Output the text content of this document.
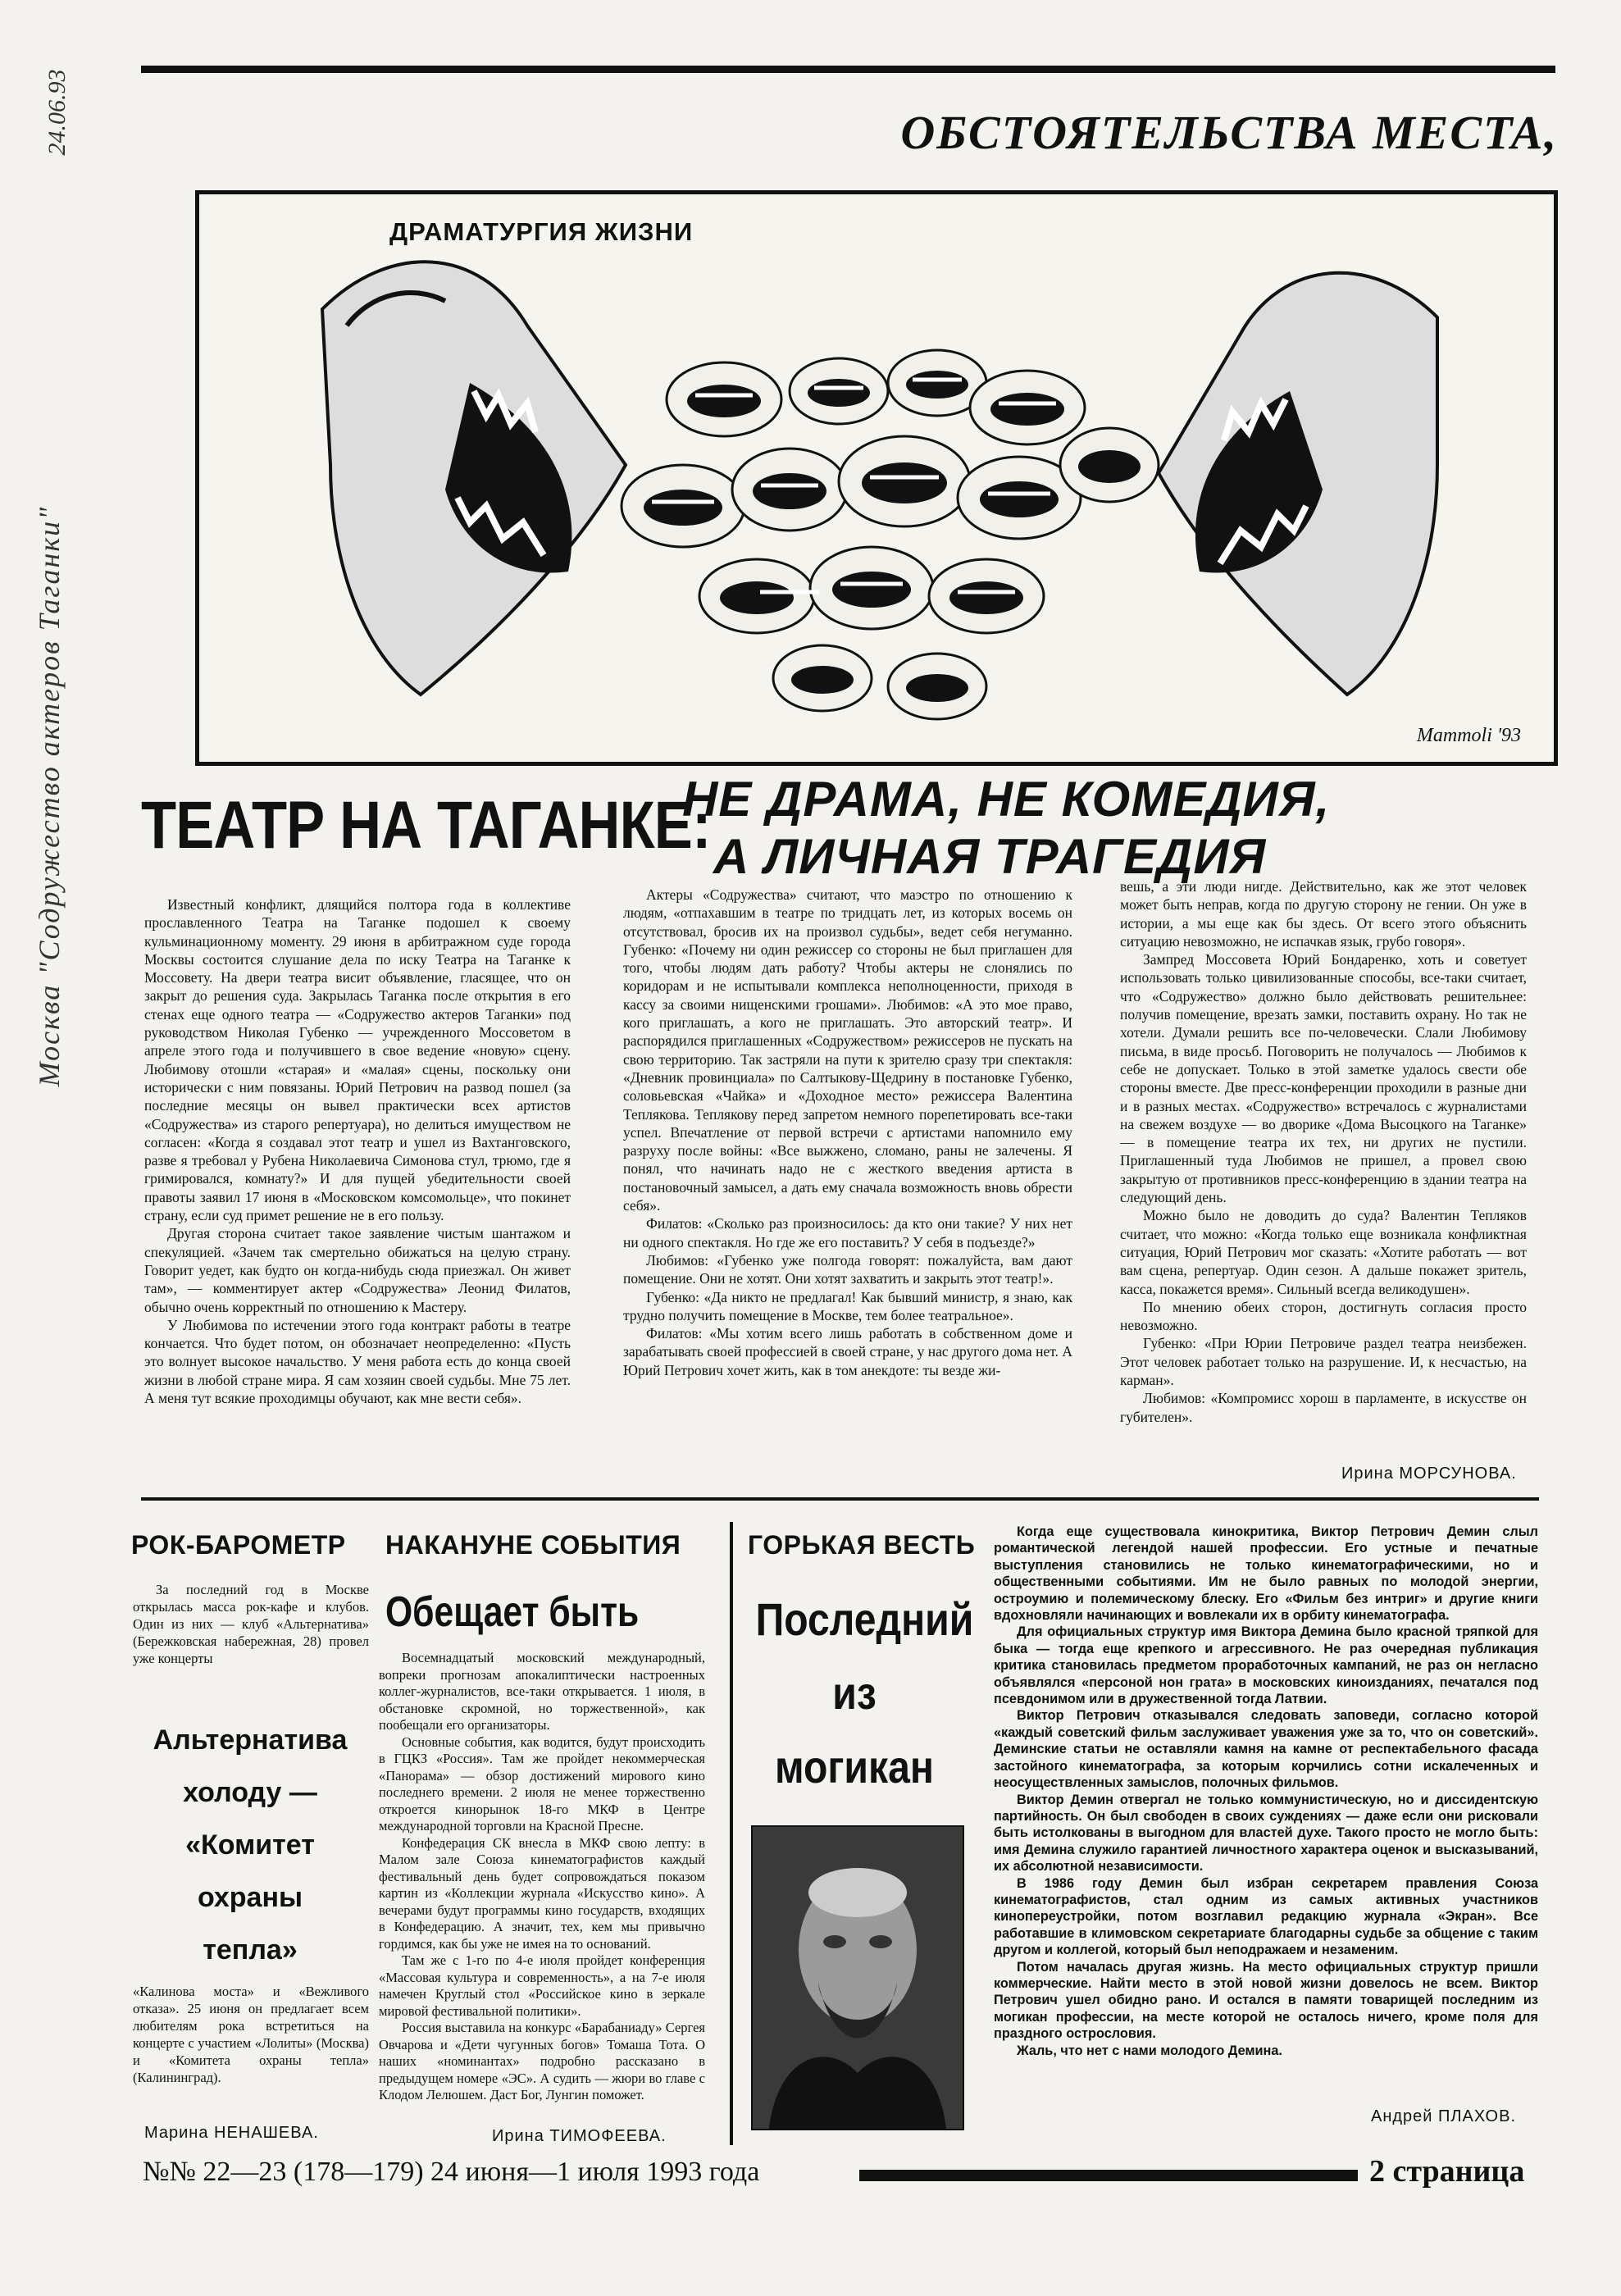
24.06.93
Москва "Содружество актеров Таганки"
ОБСТОЯТЕЛЬСТВА МЕСТА,
ДРАМАТУРГИЯ ЖИЗНИ
Mammoli '93
ТЕАТР НА ТАГАНКЕ:
НЕ ДРАМА, НЕ КОМЕДИЯ,
А ЛИЧНАЯ ТРАГЕДИЯ

Известный конфликт, длящийся полтора года в коллективе прославленного Театра на Таганке подошел к своему кульминационному моменту. 29 июня в арбитражном суде города Москвы состоится слушание дела по иску Театра на Таганке к Моссовету. На двери театра висит объявление, гласящее, что он закрыт до решения суда. Закрылась Таганка после открытия в его стенах еще одного театра — «Содружество актеров Таганки» под руководством Николая Губенко — учрежденного Моссоветом в апреле этого года и получившего в свое ведение «новую» сцену. Любимову отошли «старая» и «малая» сцены, поскольку они исторически с ним повязаны. Юрий Петрович на развод пошел (за последние месяцы он вывел практически всех артистов «Содружества» из старого репертуара), но делиться имуществом не согласен: «Когда я создавал этот театр и ушел из Вахтанговского, разве я требовал у Рубена Николаевича Симонова стул, трюмо, где я гримировался, комнату?» И для пущей убедительности своей правоты заявил 17 июня в «Московском комсомольце», что покинет страну, если суд примет решение не в его пользу.

Другая сторона считает такое заявление чистым шантажом и спекуляцией. «Зачем так смертельно обижаться на целую страну. Говорит уедет, как будто он когда-нибудь сюда приезжал. Он живет там», — комментирует актер «Содружества» Леонид Филатов, обычно очень корректный по отношению к Мастеру.

У Любимова по истечении этого года контракт работы в театре кончается. Что будет потом, он обозначает неопределенно: «Пусть это волнует высокое начальство. У меня работа есть до конца своей жизни в любой стране мира. Я сам хозяин своей судьбы. Мне 75 лет. А меня тут всякие проходимцы обучают, как мне вести себя».

Актеры «Содружества» считают, что маэстро по отношению к людям, «отпахавшим в театре по тридцать лет, из которых восемь он отсутствовал, бросив их на произвол судьбы», ведет себя негуманно. Губенко: «Почему ни один режиссер со стороны не был приглашен для того, чтобы людям дать работу? Чтобы актеры не слонялись по коридорам и не испытывали комплекса неполноценности, приходя в кассу за своими нищенскими грошами». Любимов: «А это мое право, кого приглашать, а кого не приглашать. Это авторский театр». И распорядился приглашенных «Содружеством» режиссеров не пускать на свою территорию. Так застряли на пути к зрителю сразу три спектакля: «Дневник провинциала» по Салтыкову-Щедрину в постановке Губенко, соловьевская «Чайка» и «Доходное место» режиссера Валентина Тепляковa. Теплякову перед запретом немного порепетировать все-таки успел. Впечатление от первой встречи с артистами напомнило ему разруху после войны: «Все выжжено, сломано, раны не залечены. Я понял, что начинать надо не с жесткого введения артиста в постановочный замысел, а дать ему сначала возможность вновь обрести себя».

Филатов: «Сколько раз произносилось: да кто они такие? У них нет ни одного спектакля. Но где же его поставить? У себя в подъезде?»

Любимов: «Губенко уже полгода говорят: пожалуйста, вам дают помещение. Они не хотят. Они хотят захватить и закрыть этот театр!».

Губенко: «Да никто не предлагал! Как бывший министр, я знаю, как трудно получить помещение в Москве, тем более театральное».

Филатов: «Мы хотим всего лишь работать в собственном доме и зарабатывать своей профессией в своей стране, у нас другого дома нет. А Юрий Петрович хочет жить, как в том анекдоте: ты везде жи-

вешь, а эти люди нигде. Действительно, как же этот человек может быть неправ, когда по другую сторону не гении. Он уже в истории, а мы еще как бы здесь. От всего этого объяснить ситуацию невозможно, не испачкав язык, грубо говоря».

Зампред Моссовета Юрий Бондаренко, хоть и советует использовать только цивилизованные способы, все-таки считает, что «Содружество» должно было действовать решительнее: получив помещение, врезать замки, поставить охрану. Но так не хотели. Думали решить все по-человечески. Слали Любимову письма, в виде просьб. Поговорить не получалось — Любимов к себе не допускает. Только в этой заметке удалось свести обе стороны вместе. Две пресс-конференции проходили в разные дни и в разных местах. «Содружество» встречалось с журналистами на свежем воздухе — во дворике «Дома Высоцкого на Таганке» — в помещение театра их тех, ни других не пустили. Приглашенный туда Любимов не пришел, а провел свою закрытую от противников пресс-конференцию в здании театра на следующий день.

Можно было не доводить до суда? Валентин Тепляков считает, что можно: «Когда только еще возникала конфликтная ситуация, Юрий Петрович мог сказать: «Хотите работать — вот вам сцена, репертуар. Один сезон. А дальше покажет зритель, касса, покажется время». Сильный всегда великодушен».

По мнению обеих сторон, достигнуть согласия просто невозможно.

Губенко: «При Юрии Петровиче раздел театра неизбежен. Этот человек работает только на разрушение. И, к несчастью, на карман».

Любимов: «Компромисс хорош в парламенте, в искусстве он губителен».

Ирина МОРСУНОВА.
РОК-БАРОМЕТР

За последний год в Москве открылась масса рок-кафе и клубов. Один из них — клуб «Альтернатива» (Бережковская набережная, 28) провел уже концерты

Альтернатива
холоду —
«Комитет
охраны
тепла»

«Калинова моста» и «Вежливого отказа». 25 июня он предлагает всем любителям рока встретиться на концерте с участием «Лолиты» (Москва) и «Комитета охраны тепла» (Калининград).

Марина НЕНАШЕВА.
НАКАНУНЕ СОБЫТИЯ
Обещает быть

Восемнадцатый московский международный, вопреки прогнозам апокалиптически настроенных коллег-журналистов, все-таки открывается. 1 июля, в обстановке скромной, но торжественной», как пообещали его организаторы.

Основные события, как водится, будут происходить в ГЦКЗ «Россия». Там же пройдет некоммерческая «Панорама» — обзор достижений мирового кино последнего времени. 2 июля не менее торжественно откроется кинорынок 18-го МКФ в Центре международной торговли на Красной Пресне.

Конфедерация СК внесла в МКФ свою лепту: в Малом зале Союза кинематографистов каждый фестивальный день будет сопровождаться показом картин из «Коллекции журнала «Искусство кино». А вечерами будут программы кино государств, входящих в Конфедерацию. А значит, тех, кем мы привычно гордимся, как бы уже не имея на то оснований.

Там же с 1-го по 4-е июля пройдет конференция «Массовая культура и современность», а на 7-е июля намечен Круглый стол «Российское кино в зеркале мировой фестивальной политики».

Россия выставила на конкурс «Барабаниаду» Сергея Овчарова и «Дети чугунных богов» Томаша Тота. О наших «номинантах» подробно рассказано в предыдущем номере «ЭС». А судить — жюри во главе с Клодом Лелюшем. Даст Бог, Лунгин поможет.

Ирина ТИМОФЕЕВА.
ГОРЬКАЯ ВЕСТЬ
Последний
из
могикан

Когда еще существовала кинокритика, Виктор Петрович Демин слыл романтической легендой нашей профессии. Его устные и печатные выступления становились не только кинематографическими, но и общественными событиями. Им не было равных по молодой энергии, остроумию и полемическому блеску. Его «Фильм без интриг» и другие книги вдохновляли начинающих и вовлекали их в орбиту кинематографа.

Для официальных структур имя Виктора Демина было красной тряпкой для быка — тогда еще крепкого и агрессивного. Не раз очередная публикация критика становилась предметом проработочных кампаний, не раз он негласно объявлялся «персоной нон грата» в московских киноизданиях, печатался под псевдонимом или в дружественной тогда Латвии.

Виктор Петрович отказывался следовать заповеди, согласно которой «каждый советский фильм заслуживает уважения уже за то, что он советский». Деминские статьи не оставляли камня на камне от респектабельного фасада застойного кинематографа, за которым корчились сотни искалеченных и неосуществленных замыслов, полочных фильмов.

Виктор Демин отвергал не только коммунистическую, но и диссидентскую партийность. Он был свободен в своих суждениях — даже если они рисковали быть истолкованы в выгодном для властей духе. Такого просто не могло быть: имя Демина служило гарантией личностного характера оценок и высказываний, их абсолютной независимости.

В 1986 году Демин был избран секретарем правления Союза кинематографистов, стал одним из самых активных участников кинопереустройки, потом возглавил редакцию журнала «Экран». Все работавшие в климовском секретариате благодарны судьбе за общение с таким другом и коллегой, который был неподражаем и незаменим.

Потом началась другая жизнь. На место официальных структур пришли коммерческие. Найти место в этой новой жизни довелось не всем. Виктор Петрович ушел обидно рано. И остался в памяти товарищей последним из могикан профессии, на месте которой не осталось ничего, кроме поля для праздного острословия.

Жаль, что нет с нами молодого Демина.

Андрей ПЛАХОВ.
№№ 22—23 (178—179) 24 июня—1 июля 1993 года	2 страница
